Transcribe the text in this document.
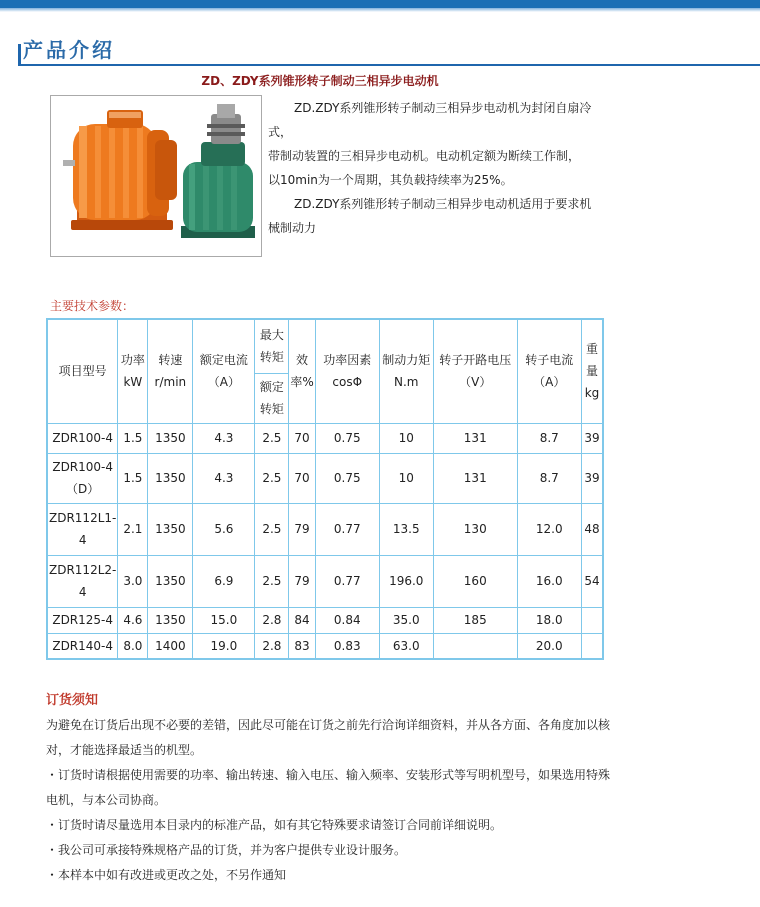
产品介绍
ZD、ZDY系列锥形转子制动三相异步电动机

ZD.ZDY系列锥形转子制动三相异步电动机为封闭自扇冷式，

带制动装置的三相异步电动机。电动机定额为断续工作制，

以10min为一个周期，其负载持续率为25%。

ZD.ZDY系列锥形转子制动三相异步电动机适用于要求机械制动力

主要技术参数：
项目型号	功率kW	转速 r/min	额定电流 （A）	最大转矩	效率%	功率因素 cosΦ	制动力矩N.m	转子开路电压（V）	转子电流 （A）	重量kg
				额定转矩						
ZDR100-4	1.5	1350	4.3	2.5	70	0.75	10	131	8.7	39
ZDR100-4（D）	1.5	1350	4.3	2.5	70	0.75	10	131	8.7	39
ZDR112L1-4	2.1	1350	5.6	2.5	79	0.77	13.5	130	12.0	48
ZDR112L2-4	3.0	1350	6.9	2.5	79	0.77	196.0	160	16.0	54
ZDR125-4	4.6	1350	15.0	2.8	84	0.84	35.0	185	18.0	
ZDR140-4	8.0	1400	19.0	2.8	83	0.83	63.0		20.0	

订货须知

为避免在订货后出现不必要的差错，因此尽可能在订货之前先行洽询详细资料，并从各方面、各角度加以核对，才能选择最适当的机型。

・订货时请根据使用需要的功率、输出转速、输入电压、输入频率、安装形式等写明机型号，如果选用特殊电机，与本公司协商。

・订货时请尽量选用本目录内的标准产品，如有其它特殊要求请签订合同前详细说明。

・我公司可承接特殊规格产品的订货，并为客户提供专业设计服务。

・本样本中如有改进或更改之处，不另作通知
